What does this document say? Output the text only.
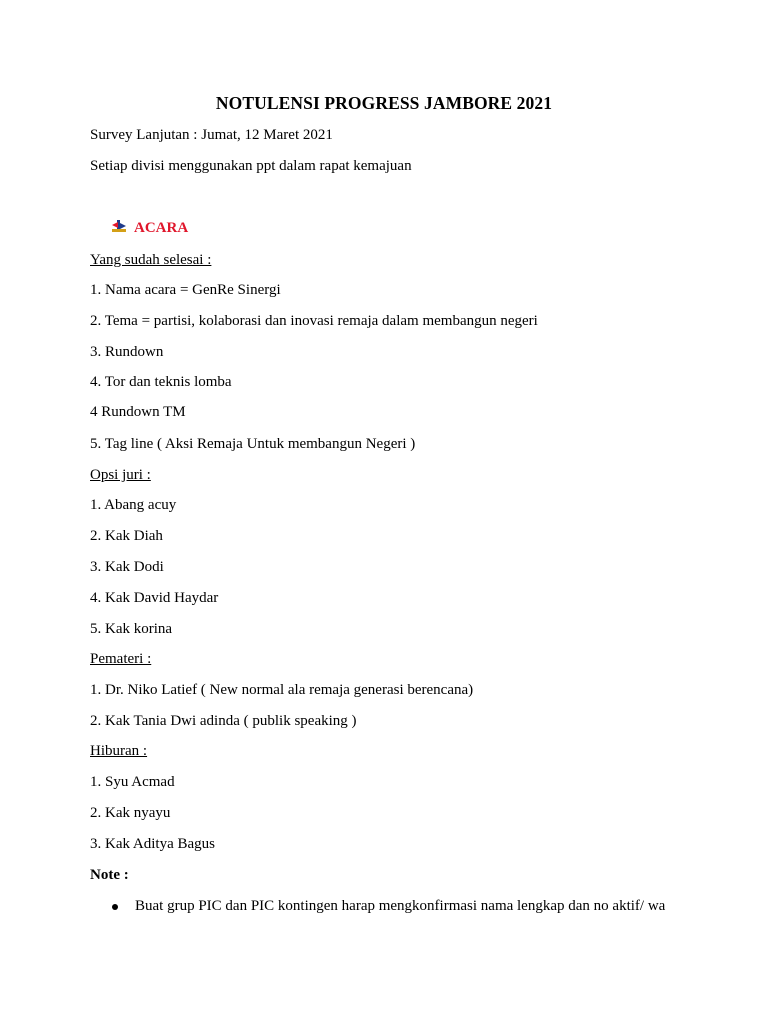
NOTULENSI PROGRESS JAMBORE 2021
Survey Lanjutan : Jumat, 12 Maret 2021
Setiap divisi menggunakan ppt dalam rapat kemajuan
ACARA
Yang sudah selesai :
1. Nama acara = GenRe Sinergi
2. Tema = partisi, kolaborasi dan inovasi remaja dalam membangun negeri
3. Rundown
4. Tor dan teknis lomba
4 Rundown TM
5. Tag line ( Aksi Remaja Untuk membangun Negeri )
Opsi juri :
1. Abang acuy
2. Kak Diah
3. Kak Dodi
4. Kak David Haydar
5. Kak korina
Pemateri :
1. Dr. Niko Latief ( New normal ala remaja generasi berencana)
2. Kak Tania Dwi adinda ( publik speaking )
Hiburan :
1. Syu Acmad
2. Kak nyayu
3. Kak Aditya Bagus
Note :
Buat grup PIC dan PIC kontingen harap mengkonfirmasi nama lengkap dan no aktif/ wa
